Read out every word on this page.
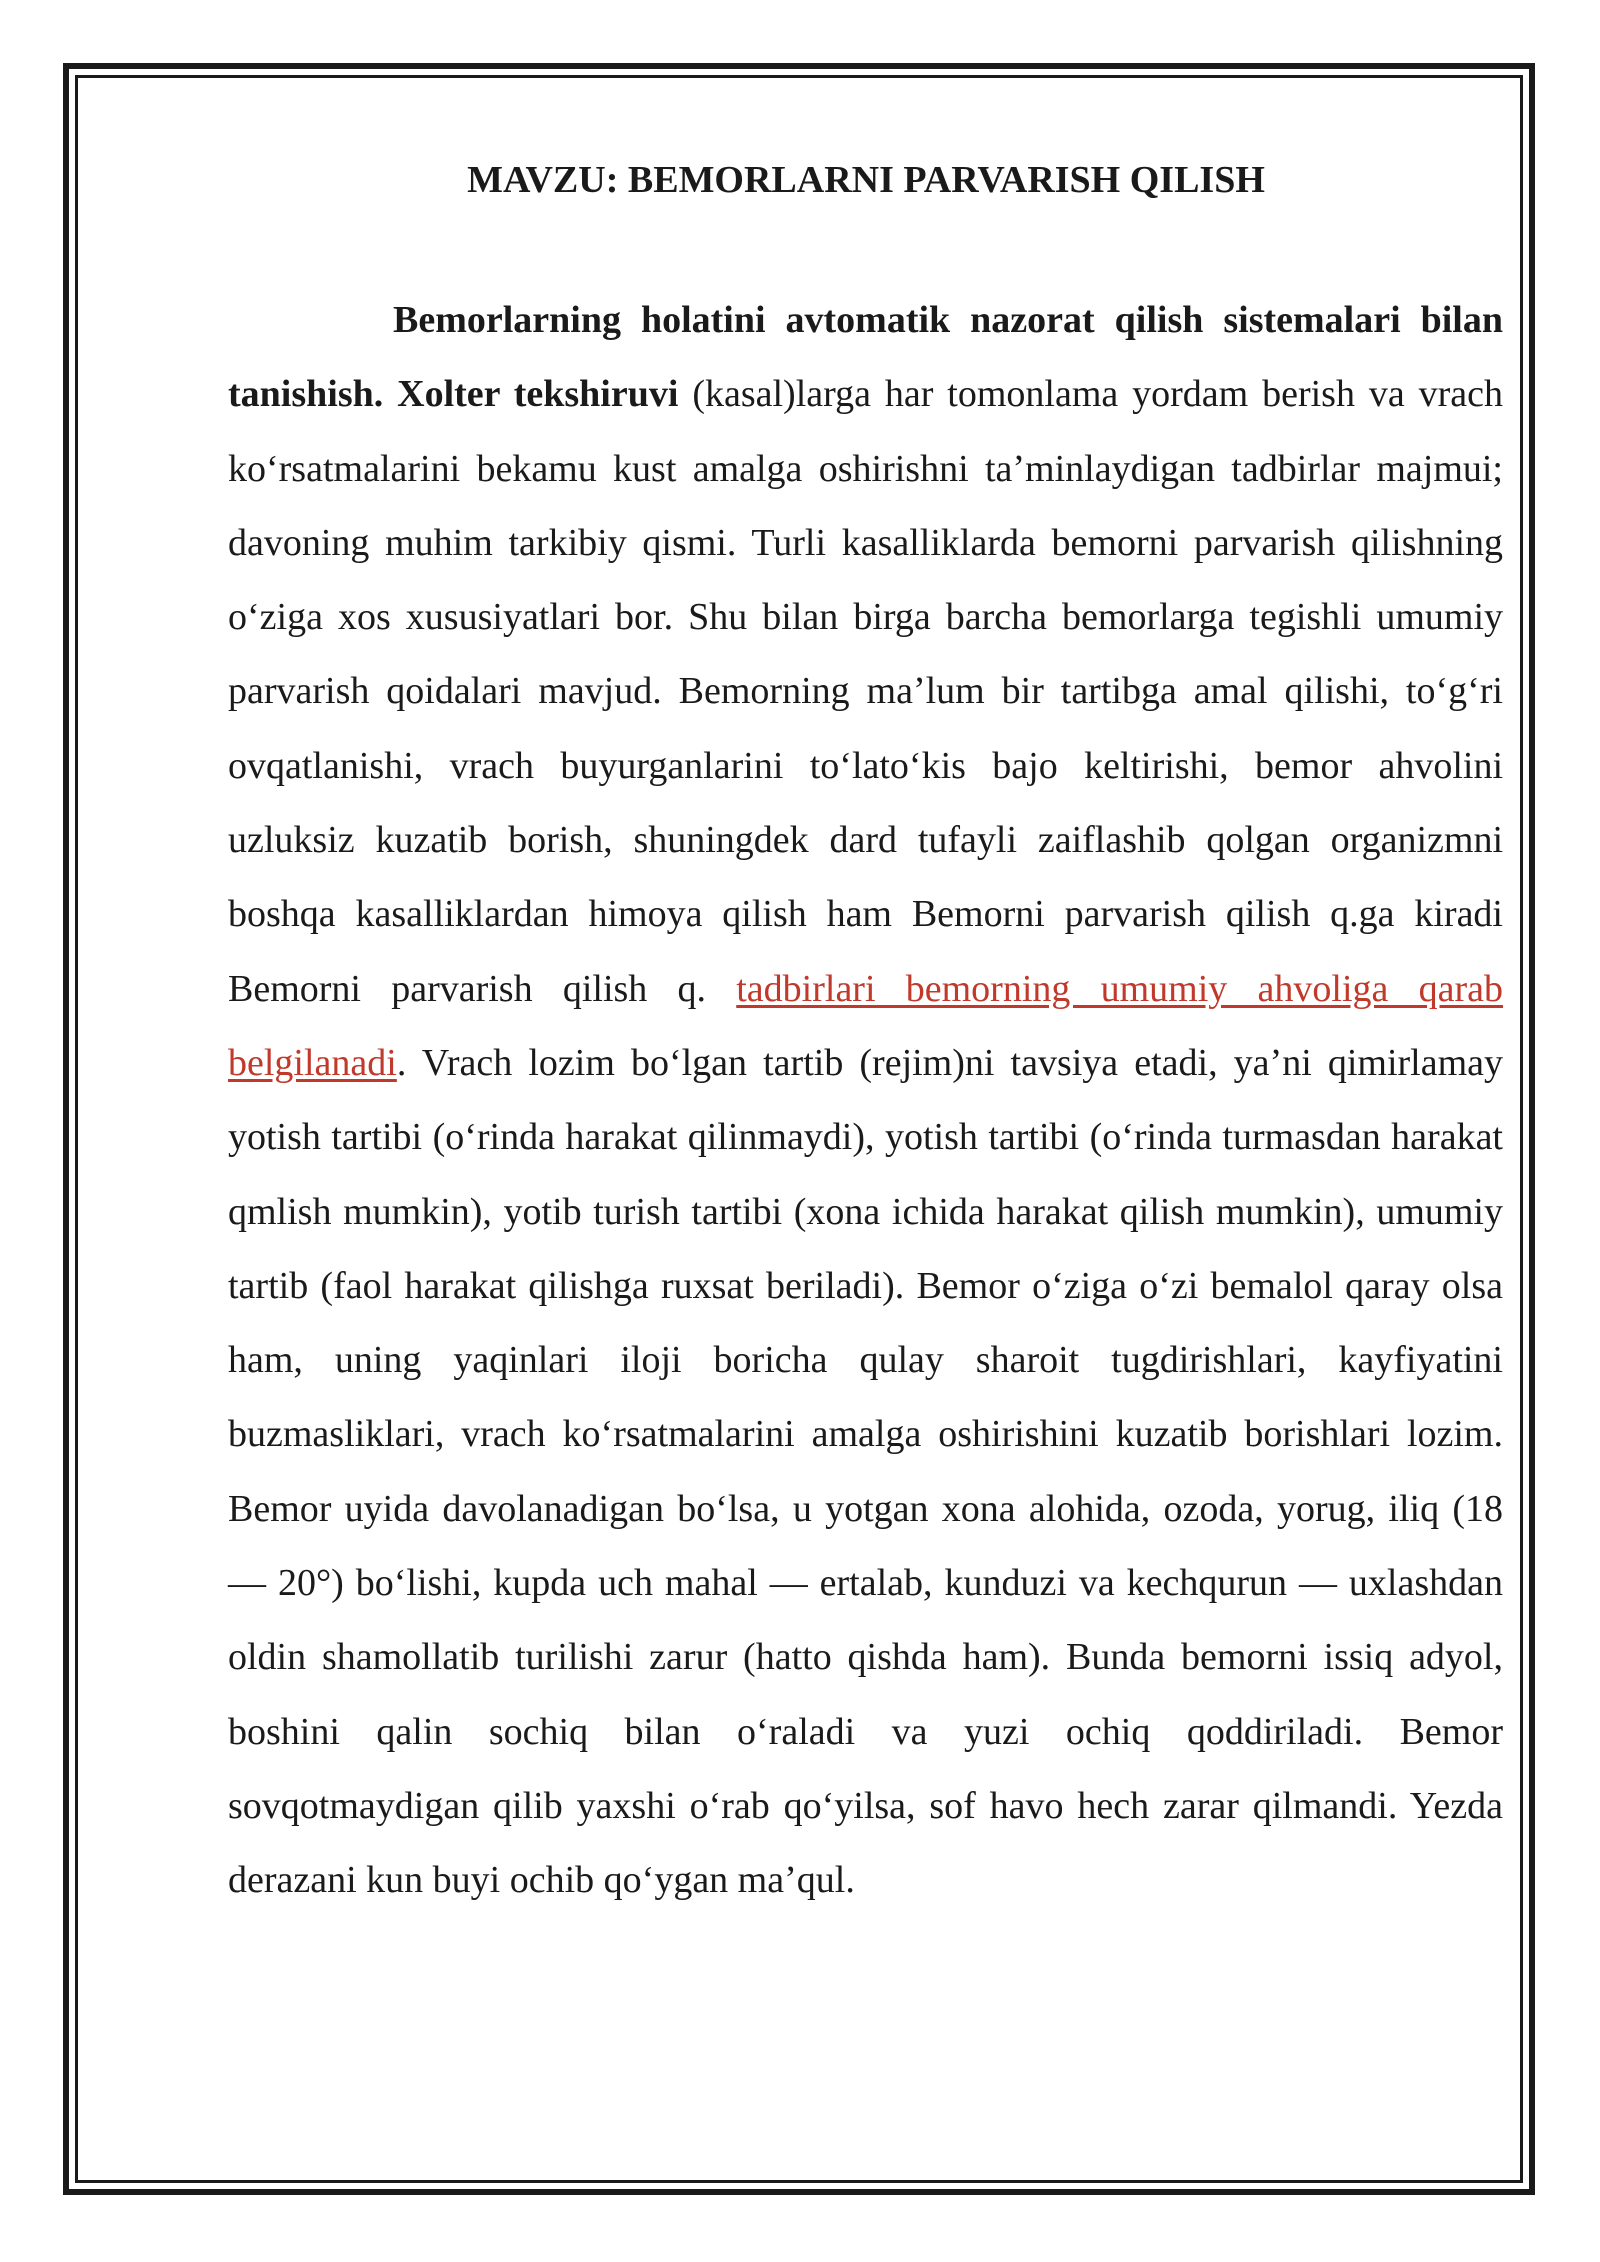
MAVZU: BEMORLARNI PARVARISH QILISH

Bemorlarning holatini avtomatik nazorat qilish sistemalari bilan tanishish. Xolter tekshiruvi (kasal)larga har tomonlama yordam berish va vrach koʻrsatmalarini bekamu kust amalga oshirishni taʼminlaydigan tadbirlar majmui; davoning muhim tarkibiy qismi. Turli kasalliklarda bemorni parvarish qilishning oʻziga xos xususiyatlari bor. Shu bilan birga barcha bemorlarga tegishli umumiy parvarish qoidalari mavjud. Bemorning maʼlum bir tartibga amal qilishi, toʻgʻri ovqatlanishi, vrach buyurganlarini toʻlatoʻkis bajo keltirishi, bemor ahvolini uzluksiz kuzatib borish, shuningdek dard tufayli zaiflashib qolgan organizmni boshqa kasalliklardan himoya qilish ham Bemorni parvarish qilish q.ga kiradi Bemorni parvarish qilish q. tadbirlari bemorning umumiy ahvoliga qarab belgilanadi. Vrach lozim boʻlgan tartib (rejim)ni tavsiya etadi, yaʼni qimirlamay yotish tartibi (oʻrinda harakat qilinmaydi), yotish tartibi (oʻrinda turmasdan harakat qmlish mumkin), yotib turish tartibi (xona ichida harakat qilish mumkin), umumiy tartib (faol harakat qilishga ruxsat beriladi). Bemor oʻziga oʻzi bemalol qaray olsa ham, uning yaqinlari iloji boricha qulay sharoit tugdirishlari, kayfiyatini buzmasliklari, vrach koʻrsatmalarini amalga oshirishini kuzatib borishlari lozim. Bemor uyida davolanadigan boʻlsa, u yotgan xona alohida, ozoda, yorug, iliq (18 — 20°) boʻlishi, kupda uch mahal — ertalab, kunduzi va kechqurun — uxlashdan oldin shamollatib turilishi zarur (hatto qishda ham). Bunda bemorni issiq adyol, boshini qalin sochiq bilan oʻraladi va yuzi ochiq qoddiriladi. Bemor sovqotmaydigan qilib yaxshi oʻrab qoʻyilsa, sof havo hech zarar qilmandi. Yezda derazani kun buyi ochib qoʻygan maʼqul.
